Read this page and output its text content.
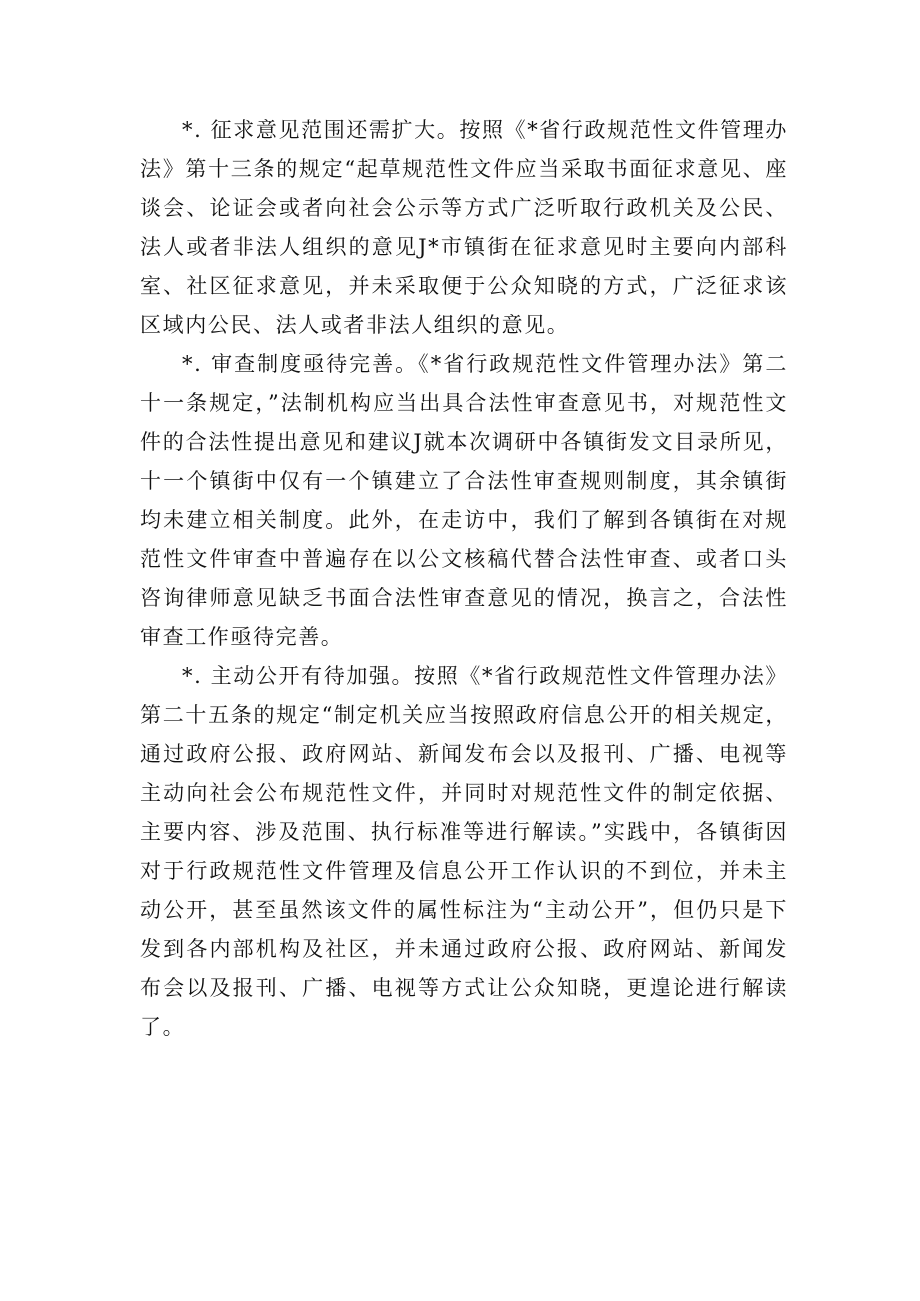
*. 征求意见范围还需扩大。按照《*省行政规范性文件管理办法》第十三条的规定“起草规范性文件应当采取书面征求意见、座谈会、论证会或者向社会公示等方式广泛听取行政机关及公民、法人或者非法人组织的意见J*市镇街在征求意见时主要向内部科室、社区征求意见，并未采取便于公众知晓的方式，广泛征求该区域内公民、法人或者非法人组织的意见。

*. 审查制度亟待完善。《*省行政规范性文件管理办法》第二十一条规定，”法制机构应当出具合法性审查意见书，对规范性文件的合法性提出意见和建议J就本次调研中各镇街发文目录所见，十一个镇街中仅有一个镇建立了合法性审查规则制度，其余镇街均未建立相关制度。此外，在走访中，我们了解到各镇街在对规范性文件审查中普遍存在以公文核稿代替合法性审查、或者口头咨询律师意见缺乏书面合法性审查意见的情况，换言之，合法性审查工作亟待完善。

*. 主动公开有待加强。按照《*省行政规范性文件管理办法》第二十五条的规定“制定机关应当按照政府信息公开的相关规定，通过政府公报、政府网站、新闻发布会以及报刊、广播、电视等主动向社会公布规范性文件，并同时对规范性文件的制定依据、主要内容、涉及范围、执行标准等进行解读。”实践中，各镇街因对于行政规范性文件管理及信息公开工作认识的不到位，并未主动公开，甚至虽然该文件的属性标注为“主动公开”，但仍只是下发到各内部机构及社区，并未通过政府公报、政府网站、新闻发布会以及报刊、广播、电视等方式让公众知晓，更遑论进行解读了。
